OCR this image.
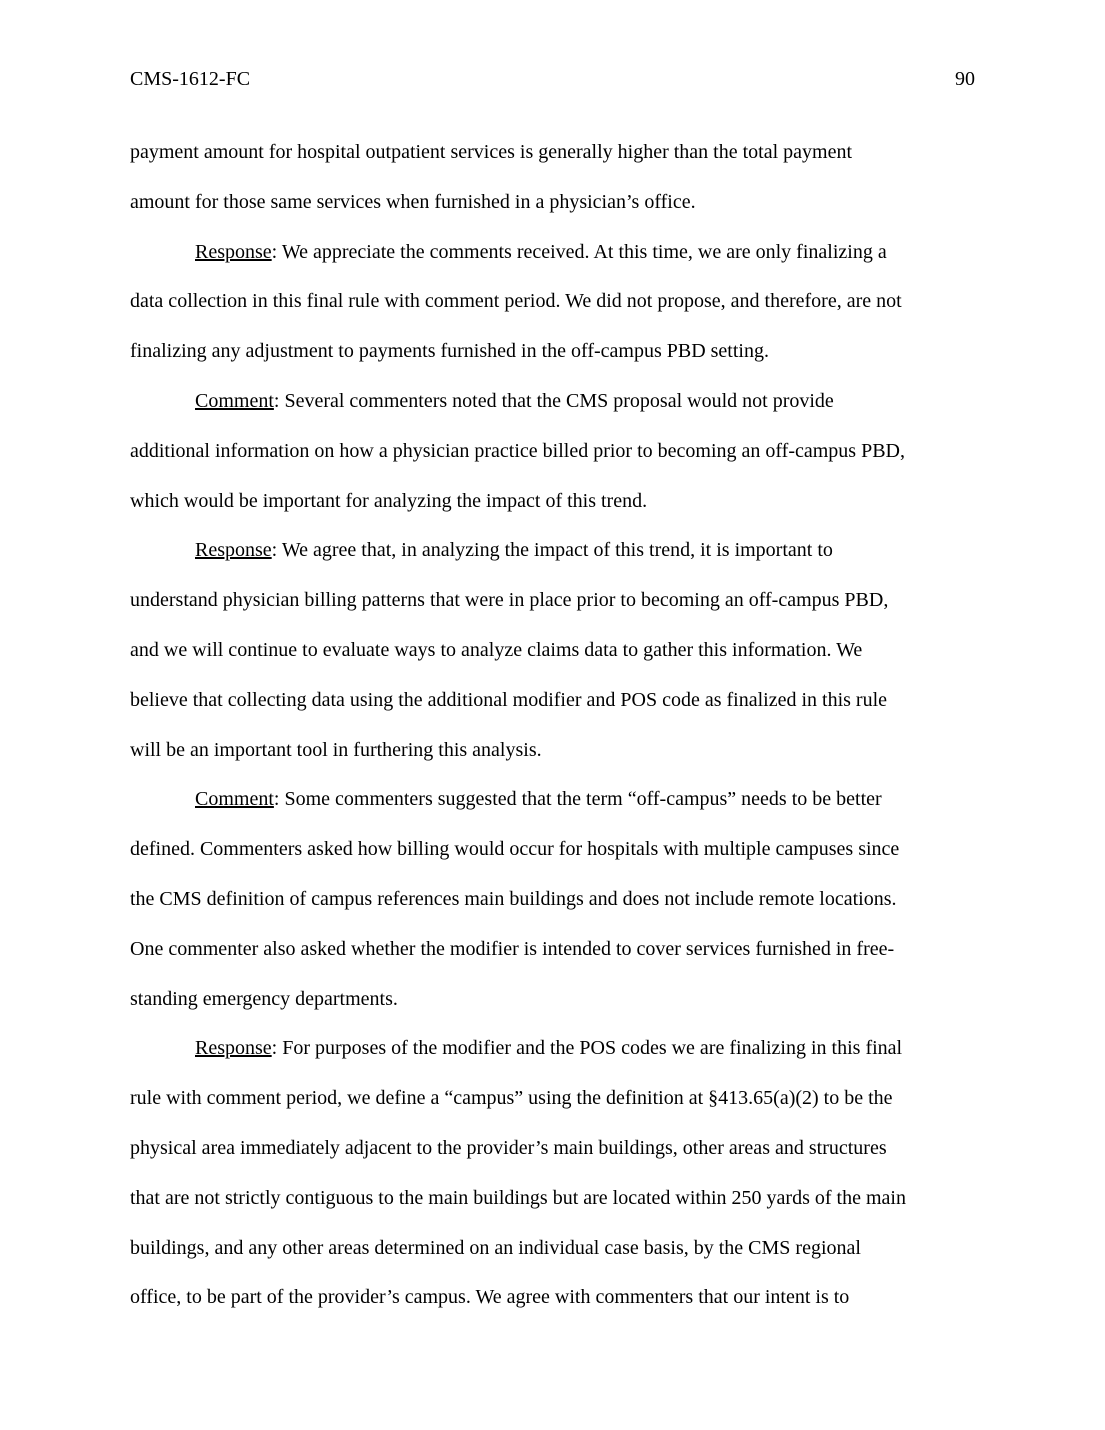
CMS-1612-FC	90
payment amount for hospital outpatient services is generally higher than the total payment
amount for those same services when furnished in a physician’s office.
Response: We appreciate the comments received. At this time, we are only finalizing a
data collection in this final rule with comment period. We did not propose, and therefore, are not
finalizing any adjustment to payments furnished in the off-campus PBD setting.
Comment: Several commenters noted that the CMS proposal would not provide
additional information on how a physician practice billed prior to becoming an off-campus PBD,
which would be important for analyzing the impact of this trend.
Response: We agree that, in analyzing the impact of this trend, it is important to
understand physician billing patterns that were in place prior to becoming an off-campus PBD,
and we will continue to evaluate ways to analyze claims data to gather this information. We
believe that collecting data using the additional modifier and POS code as finalized in this rule
will be an important tool in furthering this analysis.
Comment: Some commenters suggested that the term “off-campus” needs to be better
defined. Commenters asked how billing would occur for hospitals with multiple campuses since
the CMS definition of campus references main buildings and does not include remote locations.
One commenter also asked whether the modifier is intended to cover services furnished in free-
standing emergency departments.
Response: For purposes of the modifier and the POS codes we are finalizing in this final
rule with comment period, we define a “campus” using the definition at §413.65(a)(2) to be the
physical area immediately adjacent to the provider’s main buildings, other areas and structures
that are not strictly contiguous to the main buildings but are located within 250 yards of the main
buildings, and any other areas determined on an individual case basis, by the CMS regional
office, to be part of the provider’s campus. We agree with commenters that our intent is to
